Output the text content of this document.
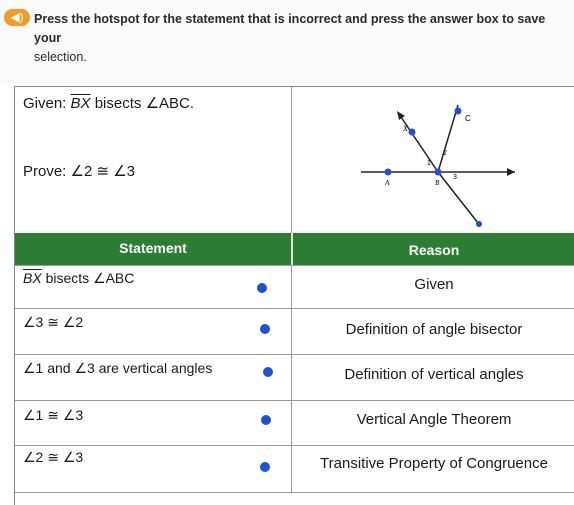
◀) Press the hotspot for the statement that is incorrect and press the answer box to save your
selection.
Given: $\overline{BX}$ bisects ∠ABC.
Prove: ∠2 ≅ ∠3
C
X
A	B
1
2
3
Statement	Reason
$\overline{BX}$ bisects ∠ABC	Given
∠3 ≅ ∠2	Definition of angle bisector
∠1 and ∠3 are vertical angles	Definition of vertical angles
∠1 ≅ ∠3	Vertical Angle Theorem
∠2 ≅ ∠3	Transitive Property of Congruence
